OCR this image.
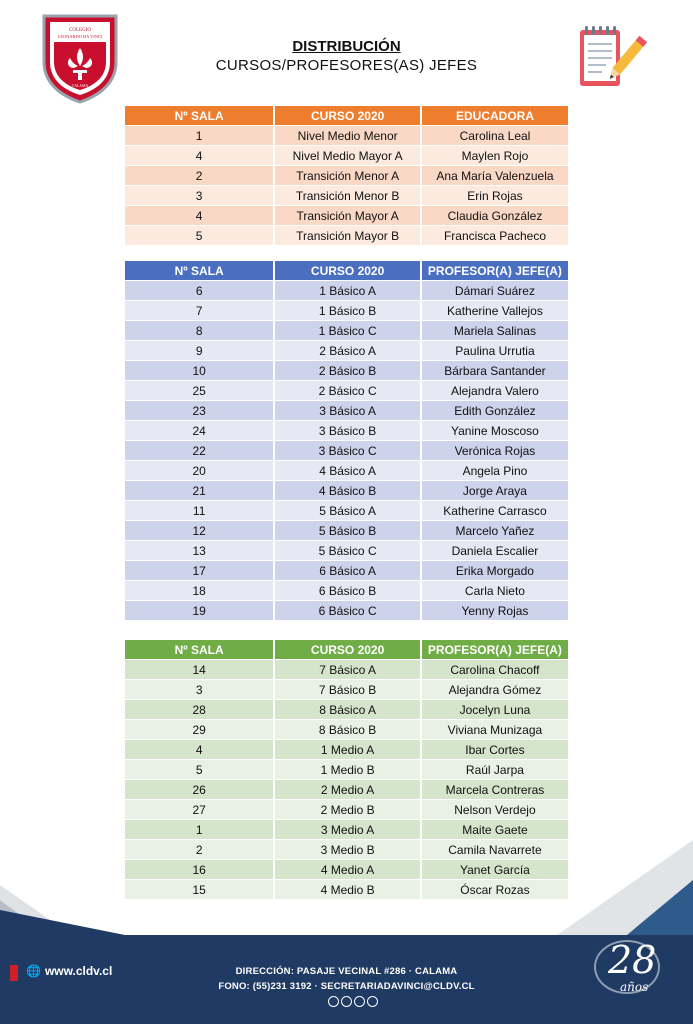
COLEGIO
LEONARDO DA VINCI
CALAMA
DISTRIBUCIÓN
CURSOS/PROFESORES(AS) JEFES
Nº SALA	CURSO 2020	EDUCADORA
1	Nivel Medio Menor	Carolina Leal
4	Nivel Medio Mayor A	Maylen Rojo
2	Transición Menor A	Ana María Valenzuela
3	Transición Menor B	Erin Rojas
4	Transición Mayor A	Claudia González
5	Transición Mayor B	Francisca Pacheco
Nº SALA	CURSO 2020	PROFESOR(A) JEFE(A)
6	1 Básico A	Dámari Suárez
7	1 Básico B	Katherine Vallejos
8	1 Básico C	Mariela Salinas
9	2 Básico A	Paulina Urrutia
10	2 Básico B	Bárbara Santander
25	2 Básico C	Alejandra Valero
23	3 Básico A	Edith González
24	3 Básico B	Yanine Moscoso
22	3 Básico C	Verónica Rojas
20	4 Básico A	Angela Pino
21	4 Básico B	Jorge Araya
11	5 Básico A	Katherine Carrasco
12	5 Básico B	Marcelo Yañez
13	5 Básico C	Daniela Escalier
17	6 Básico A	Erika Morgado
18	6 Básico B	Carla Nieto
19	6 Básico C	Yenny Rojas
Nº SALA	CURSO 2020	PROFESOR(A) JEFE(A)
14	7 Básico A	Carolina Chacoff
3	7 Básico B	Alejandra Gómez
28	8 Básico A	Jocelyn Luna
29	8 Básico B	Viviana Munizaga
4	1 Medio A	Ibar Cortes
5	1 Medio B	Raúl Jarpa
26	2 Medio A	Marcela Contreras
27	2 Medio B	Nelson Verdejo
1	3 Medio A	Maite Gaete
2	3 Medio B	Camila Navarrete
16	4 Medio A	Yanet García
15	4 Medio B	Óscar Rozas
🌐 www.cldv.cl	DIRECCIÓN: PASAJE VECINAL #286 · CALAMA
FONO: (55)231 3192 · SECRETARIADAVINCI@CLDV.CL
28
años
